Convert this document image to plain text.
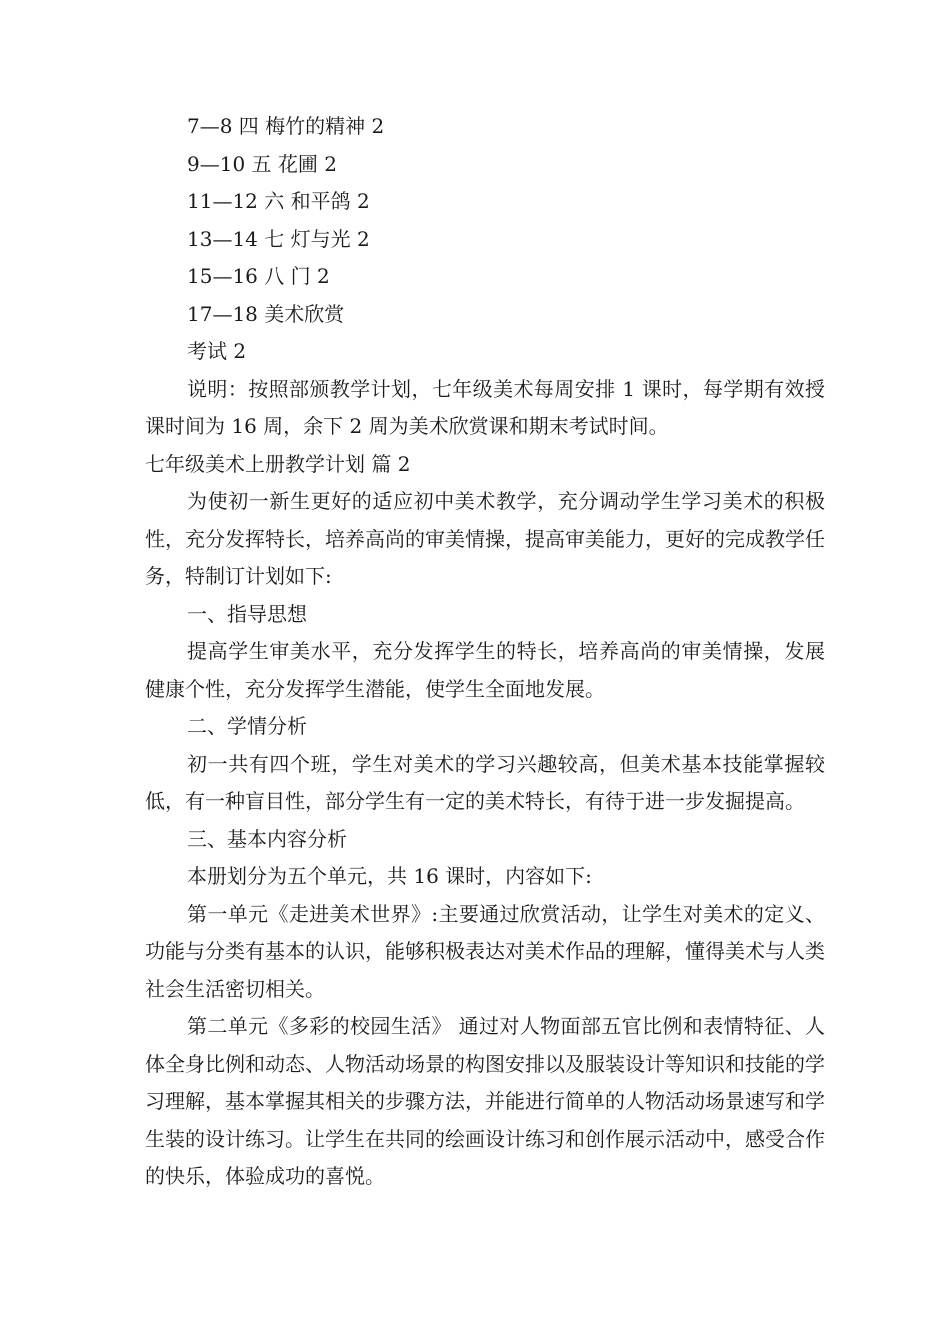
7—8 四 梅竹的精神 2
9—10 五 花圃 2
11—12 六 和平鸽 2
13—14 七 灯与光 2
15—16 八 门 2
17—18 美术欣赏
考试 2
说明：按照部颁教学计划，七年级美术每周安排 1 课时，每学期有效授课时间为 16 周，余下 2 周为美术欣赏课和期末考试时间。
七年级美术上册教学计划 篇 2
为使初一新生更好的适应初中美术教学，充分调动学生学习美术的积极性，充分发挥特长，培养高尚的审美情操，提高审美能力，更好的完成教学任务，特制订计划如下:
一、指导思想
提高学生审美水平，充分发挥学生的特长，培养高尚的审美情操，发展健康个性，充分发挥学生潜能，使学生全面地发展。
二、学情分析
初一共有四个班，学生对美术的学习兴趣较高，但美术基本技能掌握较低，有一种盲目性，部分学生有一定的美术特长，有待于进一步发掘提高。
三、基本内容分析
本册划分为五个单元，共 16 课时，内容如下:
第一单元《走进美术世界》:主要通过欣赏活动，让学生对美术的定义、功能与分类有基本的认识，能够积极表达对美术作品的理解，懂得美术与人类社会生活密切相关。
第二单元《多彩的校园生活》 通过对人物面部五官比例和表情特征、人体全身比例和动态、人物活动场景的构图安排以及服装设计等知识和技能的学习理解，基本掌握其相关的步骤方法，并能进行简单的人物活动场景速写和学生装的设计练习。让学生在共同的绘画设计练习和创作展示活动中，感受合作的快乐，体验成功的喜悦。
